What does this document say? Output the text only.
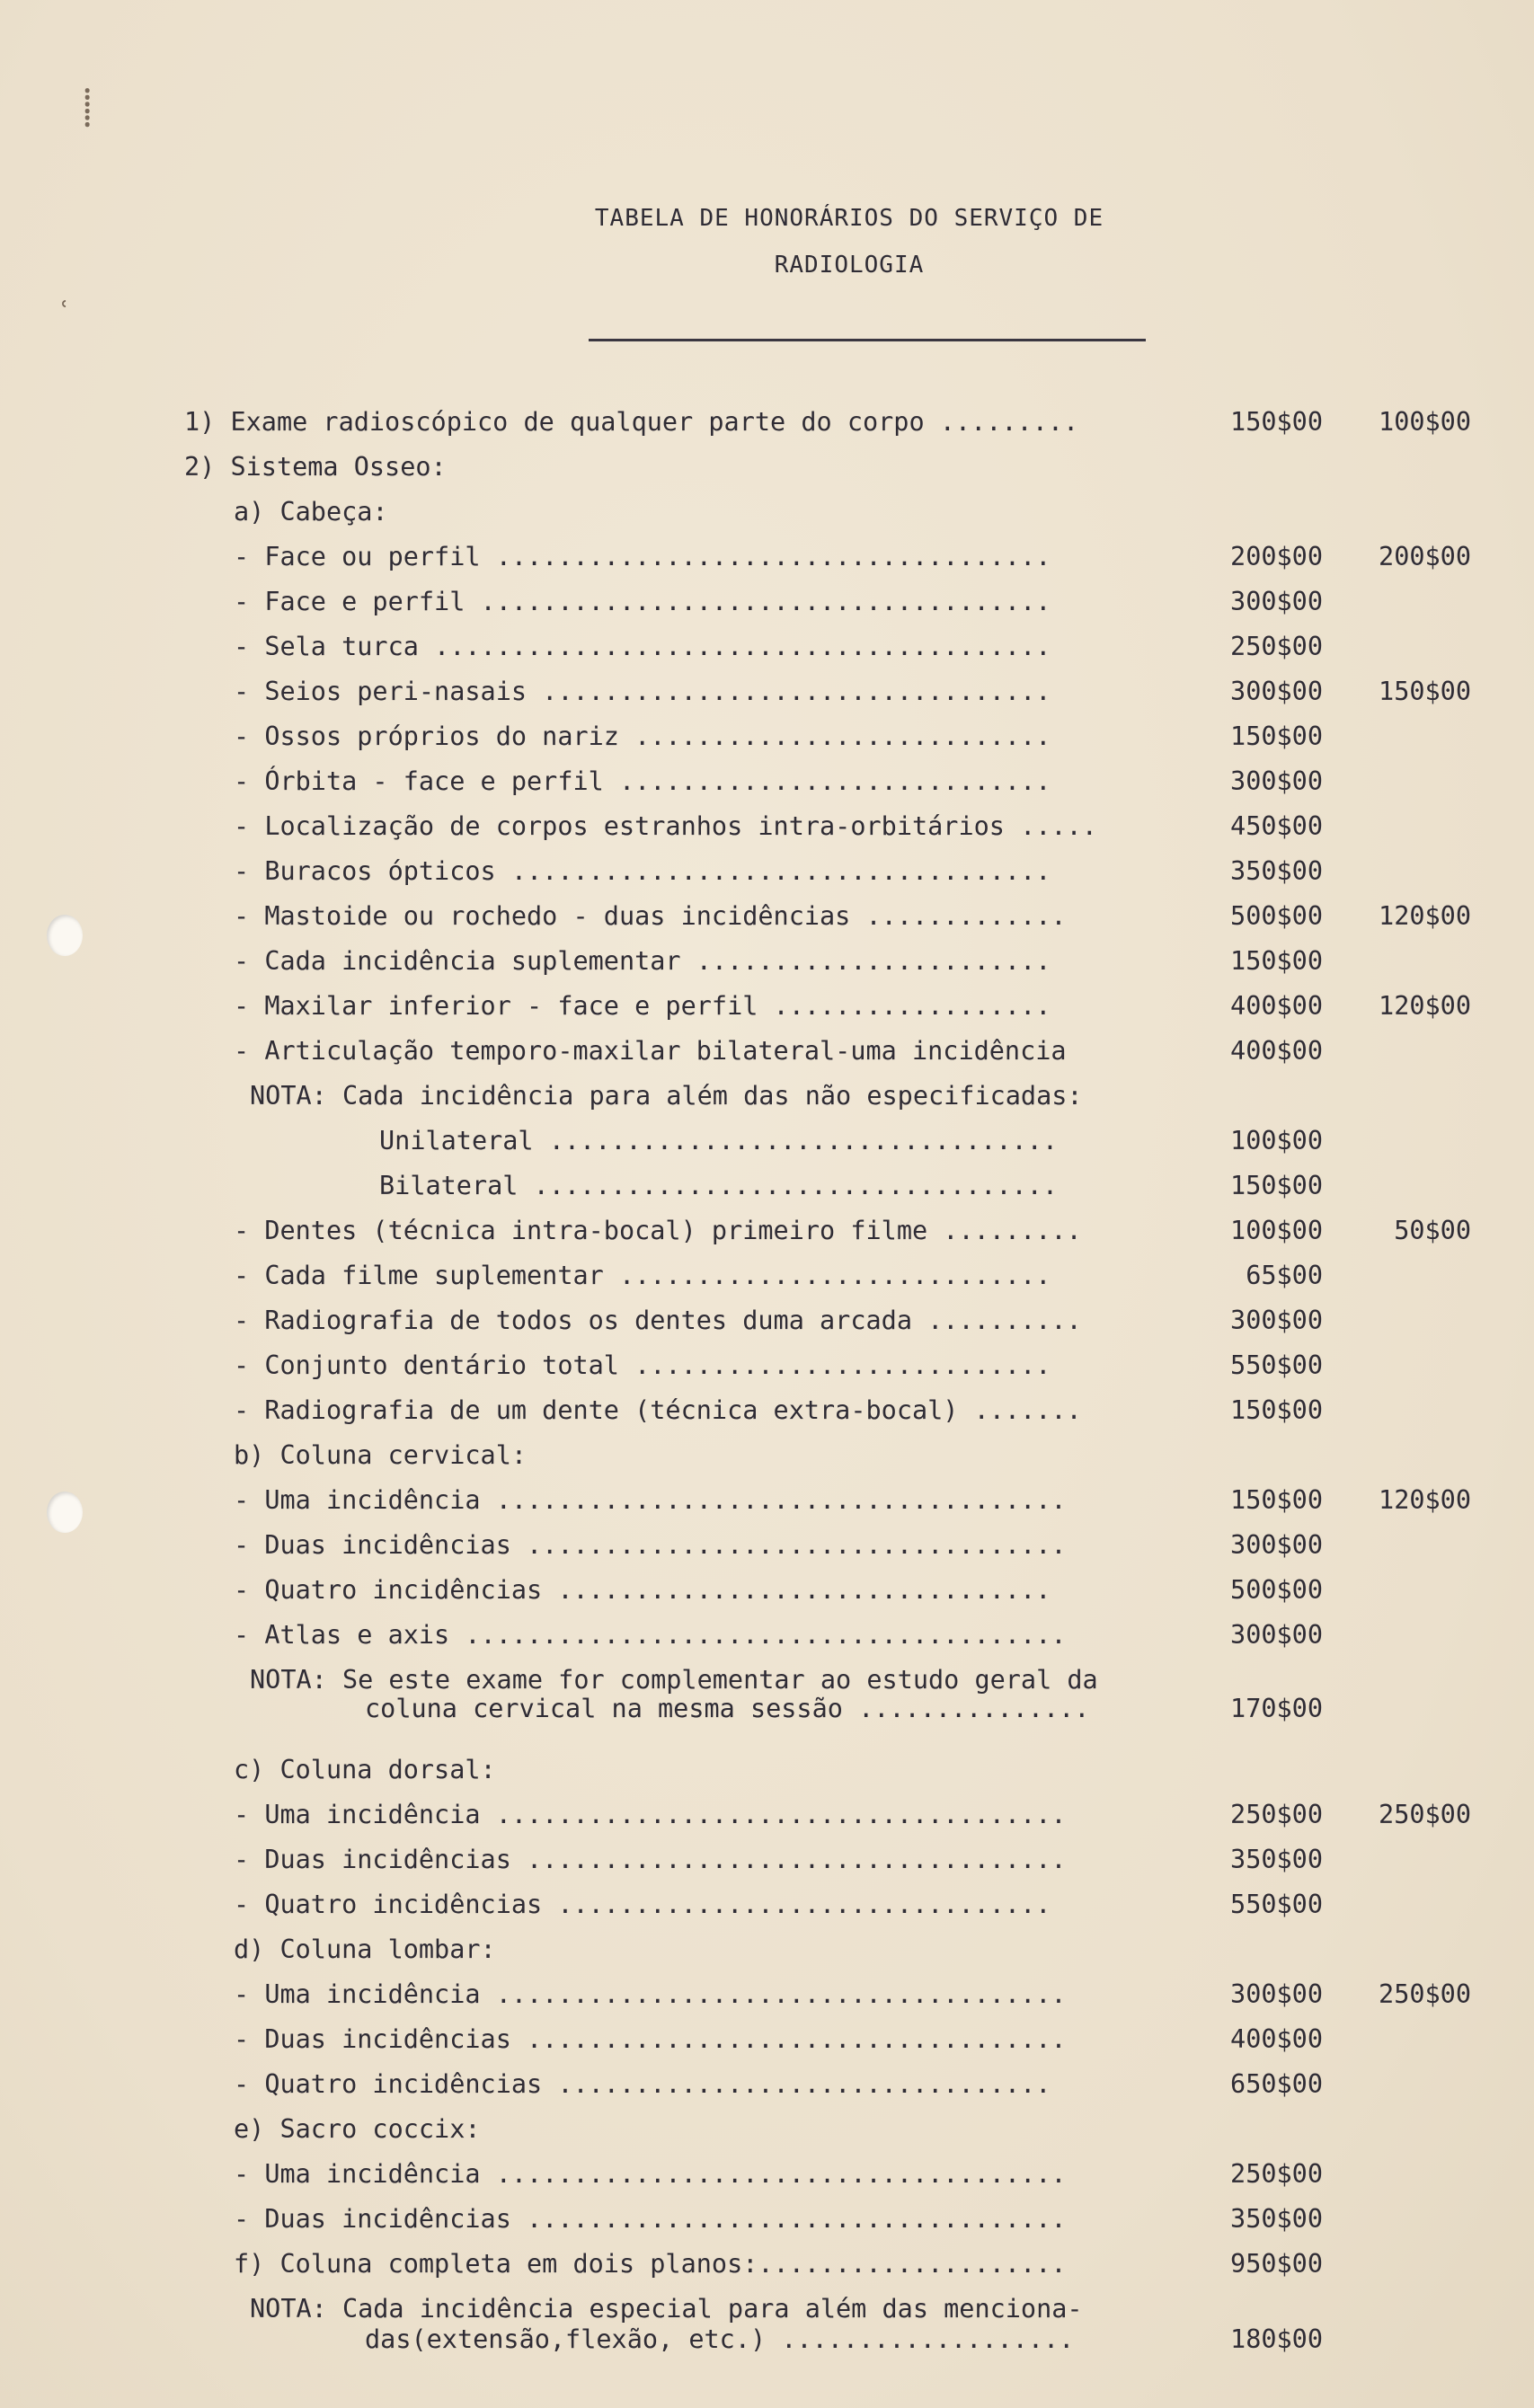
⸽
ʿ
TABELA DE HONORÁRIOS DO SERVIÇO DE
RADIOLOGIA
1) Exame radioscópico de qualquer parte do corpo .........	150$00 100$00
2) Sistema Osseo:
a) Cabeça:
- Face ou perfil ....................................	200$00 200$00
- Face e perfil .....................................	300$00
- Sela turca ........................................	250$00
- Seios peri-nasais .................................	300$00 150$00
- Ossos próprios do nariz ...........................	150$00
- Órbita - face e perfil ............................	300$00
- Localização de corpos estranhos intra-orbitários .....	450$00
- Buracos ópticos ...................................	350$00
- Mastoide ou rochedo - duas incidências .............	500$00 120$00
- Cada incidência suplementar .......................	150$00
- Maxilar inferior - face e perfil ..................	400$00 120$00
- Articulação temporo-maxilar bilateral-uma incidência	400$00
NOTA: Cada incidência para além das não especificadas:
Unilateral .................................	100$00
Bilateral ..................................	150$00
- Dentes (técnica intra-bocal) primeiro filme .........	100$00	50$00
- Cada filme suplementar ............................	65$00
- Radiografia de todos os dentes duma arcada ..........	300$00
- Conjunto dentário total ...........................	550$00
- Radiografia de um dente (técnica extra-bocal) .......	150$00
b) Coluna cervical:
- Uma incidência .....................................	150$00 120$00
- Duas incidências ...................................	300$00
- Quatro incidências ................................	500$00
- Atlas e axis .......................................	300$00
NOTA: Se este exame for complementar ao estudo geral da
coluna cervical na mesma sessão ...............	170$00
c) Coluna dorsal:
- Uma incidência .....................................	250$00 250$00
- Duas incidências ...................................	350$00
- Quatro incidências ................................	550$00
d) Coluna lombar:
- Uma incidência .....................................	300$00 250$00
- Duas incidências ...................................	400$00
- Quatro incidências ................................	650$00
e) Sacro coccix:
- Uma incidência .....................................	250$00
- Duas incidências ...................................	350$00
f) Coluna completa em dois planos:....................	950$00
NOTA: Cada incidência especial para além das menciona-
das(extensão,flexão, etc.) ...................	180$00
